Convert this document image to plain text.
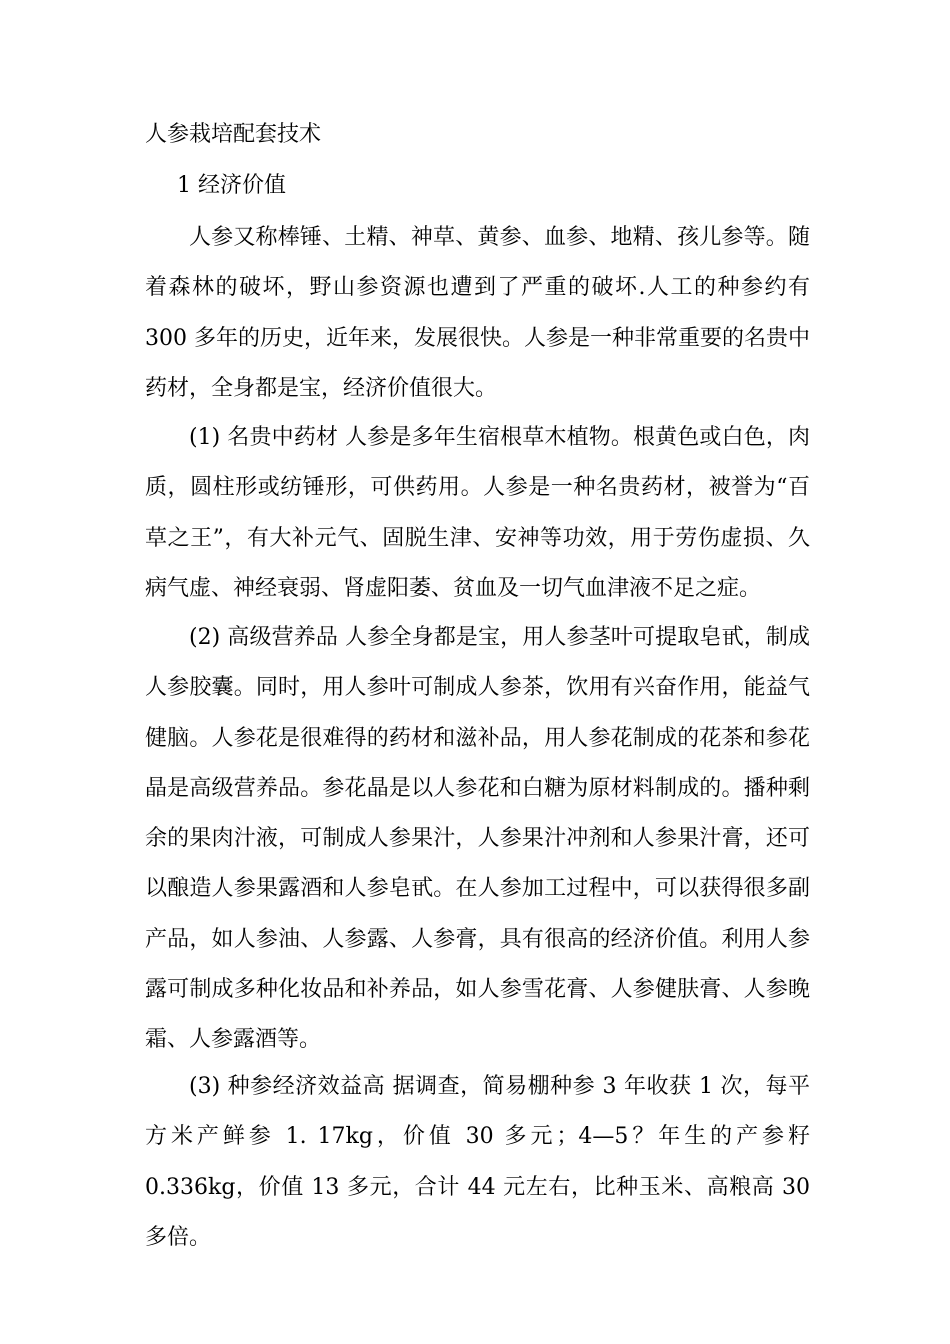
人参栽培配套技术
1 经济价值

人参又称棒锤、土精、神草、黄参、血参、地精、孩儿参等。随着森林的破坏，野山参资源也遭到了严重的破坏.人工的种参约有 300 多年的历史，近年来，发展很快。人参是一种非常重要的名贵中药材，全身都是宝，经济价值很大。

(1) 名贵中药材 人参是多年生宿根草木植物。根黄色或白色，肉质，圆柱形或纺锤形，可供药用。人参是一种名贵药材，被誉为“百草之王”，有大补元气、固脱生津、安神等功效，用于劳伤虚损、久病气虚、神经衰弱、肾虚阳萎、贫血及一切气血津液不足之症。

(2) 高级营养品 人参全身都是宝，用人参茎叶可提取皂甙，制成人参胶囊。同时，用人参叶可制成人参茶，饮用有兴奋作用，能益气健脑。人参花是很难得的药材和滋补品，用人参花制成的花茶和参花晶是高级营养品。参花晶是以人参花和白糖为原材料制成的。播种剩余的果肉汁液，可制成人参果汁，人参果汁冲剂和人参果汁膏，还可以酿造人参果露酒和人参皂甙。在人参加工过程中，可以获得很多副产品，如人参油、人参露、人参膏，具有很高的经济价值。利用人参露可制成多种化妆品和补养品，如人参雪花膏、人参健肤膏、人参晚霜、人参露酒等。

(3) 种参经济效益高 据调查，简易棚种参 3 年收获 1 次，每平方米产鲜参 1. 17kg，价值 30 多元；4—5？年生的产参籽 0.336kg，价值 13 多元，合计 44 元左右，比种玉米、高粮高 30 多倍。
